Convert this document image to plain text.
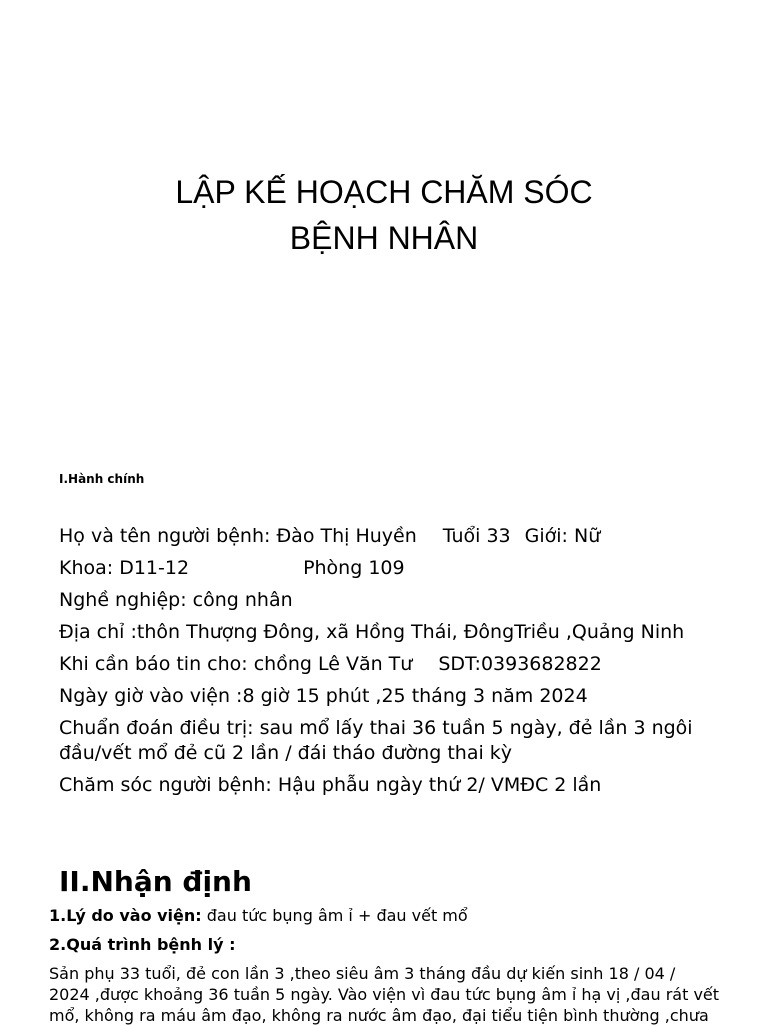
LẬP KẾ HOẠCH CHĂM SÓC
BỆNH NHÂN
I.Hành chính
Họ và tên người bệnh: Đào Thị Huyền Tuổi 33 Giới: Nữ
Khoa: D11-12	Phòng 109
Nghề nghiệp: công nhân
Địa chỉ :thôn Thượng Đông, xã Hồng Thái, ĐôngTriều ,Quảng Ninh
Khi cần báo tin cho: chồng Lê Văn Tư SDT:0393682822
Ngày giờ vào viện :8 giờ 15 phút ,25 tháng 3 năm 2024
Chuẩn đoán điều trị: sau mổ lấy thai 36 tuần 5 ngày, đẻ lần 3 ngôi
đầu/vết mổ đẻ cũ 2 lần / đái tháo đường thai kỳ
Chăm sóc người bệnh: Hậu phẫu ngày thứ 2/ VMĐC 2 lần
II.Nhận định
1.Lý do vào viện: đau tức bụng âm ỉ + đau vết mổ
2.Quá trình bệnh lý :
Sản phụ 33 tuổi, đẻ con lần 3 ,theo siêu âm 3 tháng đầu dự kiến sinh 18 / 04 /
2024 ,được khoảng 36 tuần 5 ngày. Vào viện vì đau tức bụng âm ỉ hạ vị ,đau rát vết
mổ, không ra máu âm đạo, không ra nước âm đạo, đại tiểu tiện bình thường ,chưa
